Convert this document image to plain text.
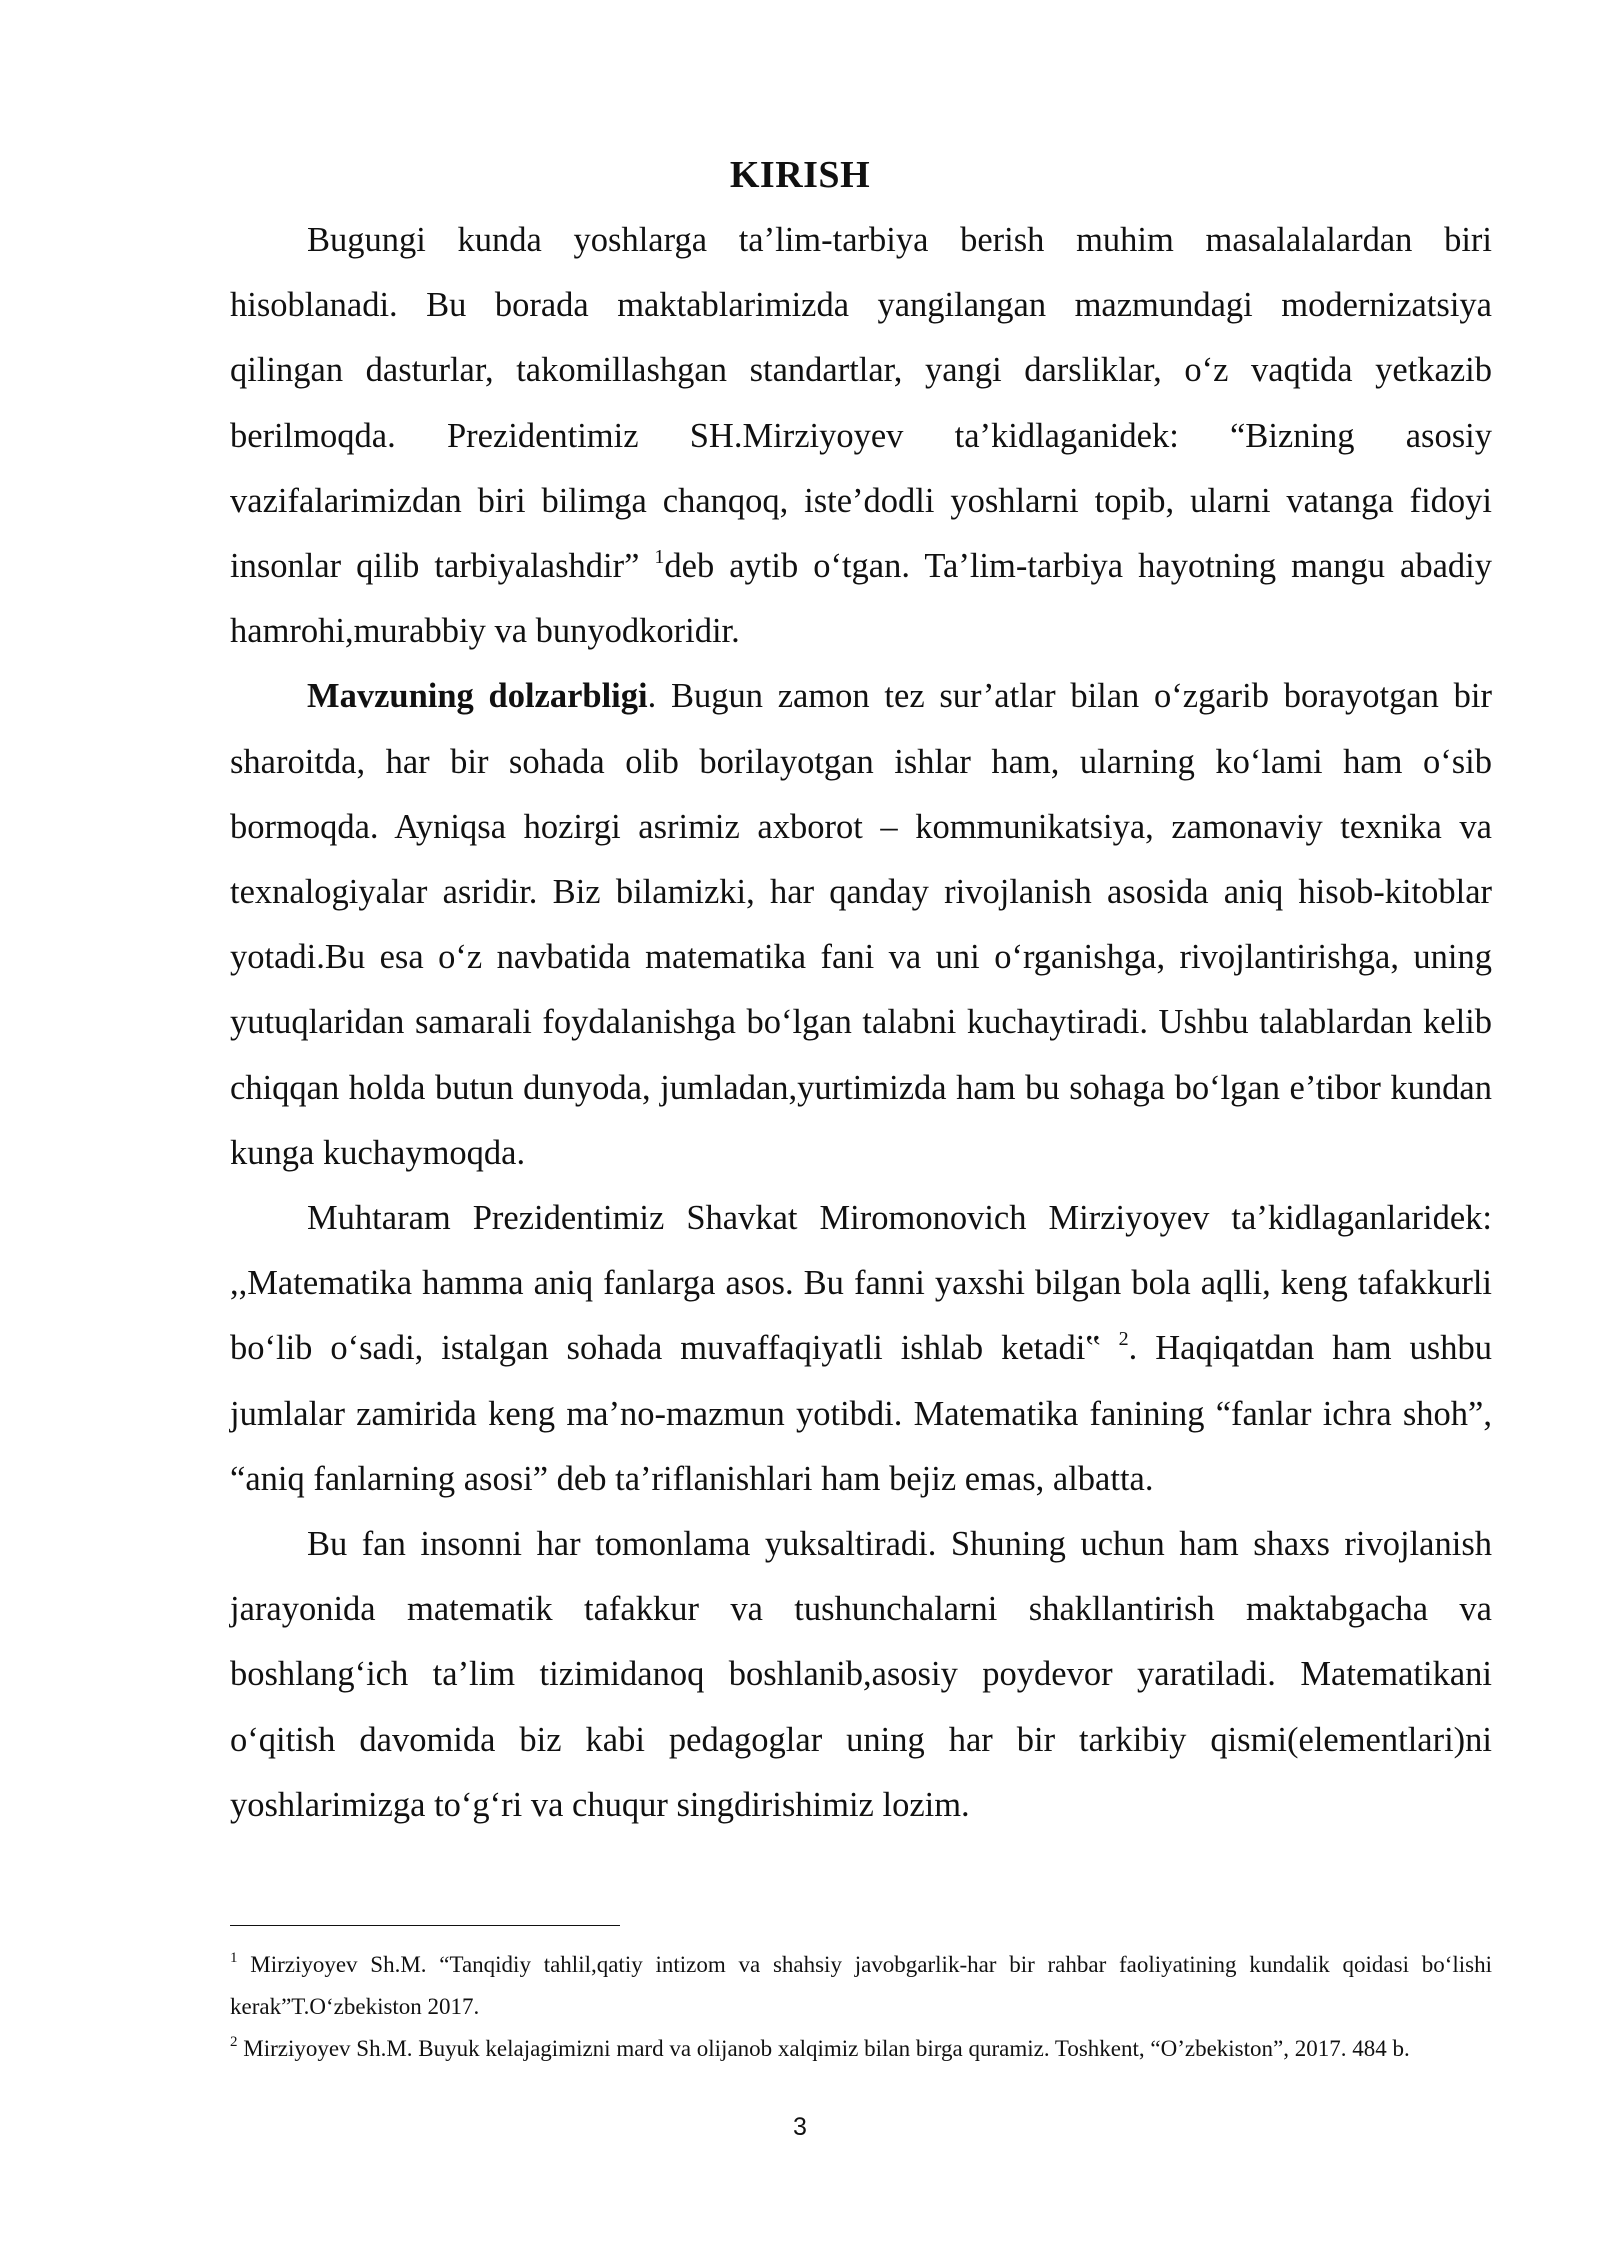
KIRISH

Bugungi kunda yoshlarga ta’lim-tarbiya berish muhim masalalalardan biri hisoblanadi. Bu borada maktablarimizda yangilangan mazmundagi modernizatsiya qilingan dasturlar, takomillashgan standartlar, yangi darsliklar, o‘z vaqtida yetkazib berilmoqda. Prezidentimiz SH.Mirziyoyev ta’kidlaganidek: “Bizning asosiy vazifalarimizdan biri bilimga chanqoq, iste’dodli yoshlarni topib, ularni vatanga fidoyi insonlar qilib tarbiyalashdir” $^1$deb aytib o‘tgan. Ta’lim-tarbiya hayotning mangu abadiy hamrohi,murabbiy va bunyodkoridir.

Mavzuning dolzarbligi. Bugun zamon tez sur’atlar bilan o‘zgarib borayotgan bir sharoitda, har bir sohada olib borilayotgan ishlar ham, ularning ko‘lami ham o‘sib bormoqda. Ayniqsa hozirgi asrimiz axborot – kommunikatsiya, zamonaviy texnika va texnalogiyalar asridir. Biz bilamizki, har qanday rivojlanish asosida aniq hisob-kitoblar yotadi.Bu esa o‘z navbatida matematika fani va uni o‘rganishga, rivojlantirishga, uning yutuqlaridan samarali foydalanishga bo‘lgan talabni kuchaytiradi. Ushbu talablardan kelib chiqqan holda butun dunyoda, jumladan,yurtimizda ham bu sohaga bo‘lgan e’tibor kundan kunga kuchaymoqda.

Muhtaram Prezidentimiz Shavkat Miromonovich Mirziyoyev ta’kidlaganlaridek: ,,Matematika hamma aniq fanlarga asos. Bu fanni yaxshi bilgan bola aqlli, keng tafakkurli bo‘lib o‘sadi, istalgan sohada muvaffaqiyatli ishlab ketadi‟ $^2$. Haqiqatdan ham ushbu jumlalar zamirida keng ma’no-mazmun yotibdi. Matematika fanining “fanlar ichra shoh”, “aniq fanlarning asosi” deb ta’riflanishlari ham bejiz emas, albatta.

Bu fan insonni har tomonlama yuksaltiradi. Shuning uchun ham shaxs rivojlanish jarayonida matematik tafakkur va tushunchalarni shakllantirish maktabgacha va boshlang‘ich ta’lim tizimidanoq boshlanib,asosiy poydevor yaratiladi. Matematikani o‘qitish davomida biz kabi pedagoglar uning har bir tarkibiy qismi(elementlari)ni yoshlarimizga to‘g‘ri va chuqur singdirishimiz lozim.

$^1$ Mirziyoyev Sh.M. “Tanqidiy tahlil,qatiy intizom va shahsiy javobgarlik-har bir rahbar faoliyatining kundalik qoidasi bo‘lishi kerak”T.O‘zbekiston 2017.

$^2$ Mirziyoyev Sh.M. Buyuk kelajagimizni mard va olijanob xalqimiz bilan birga quramiz. Toshkent, “O’zbekiston”, 2017. 484 b.

3
